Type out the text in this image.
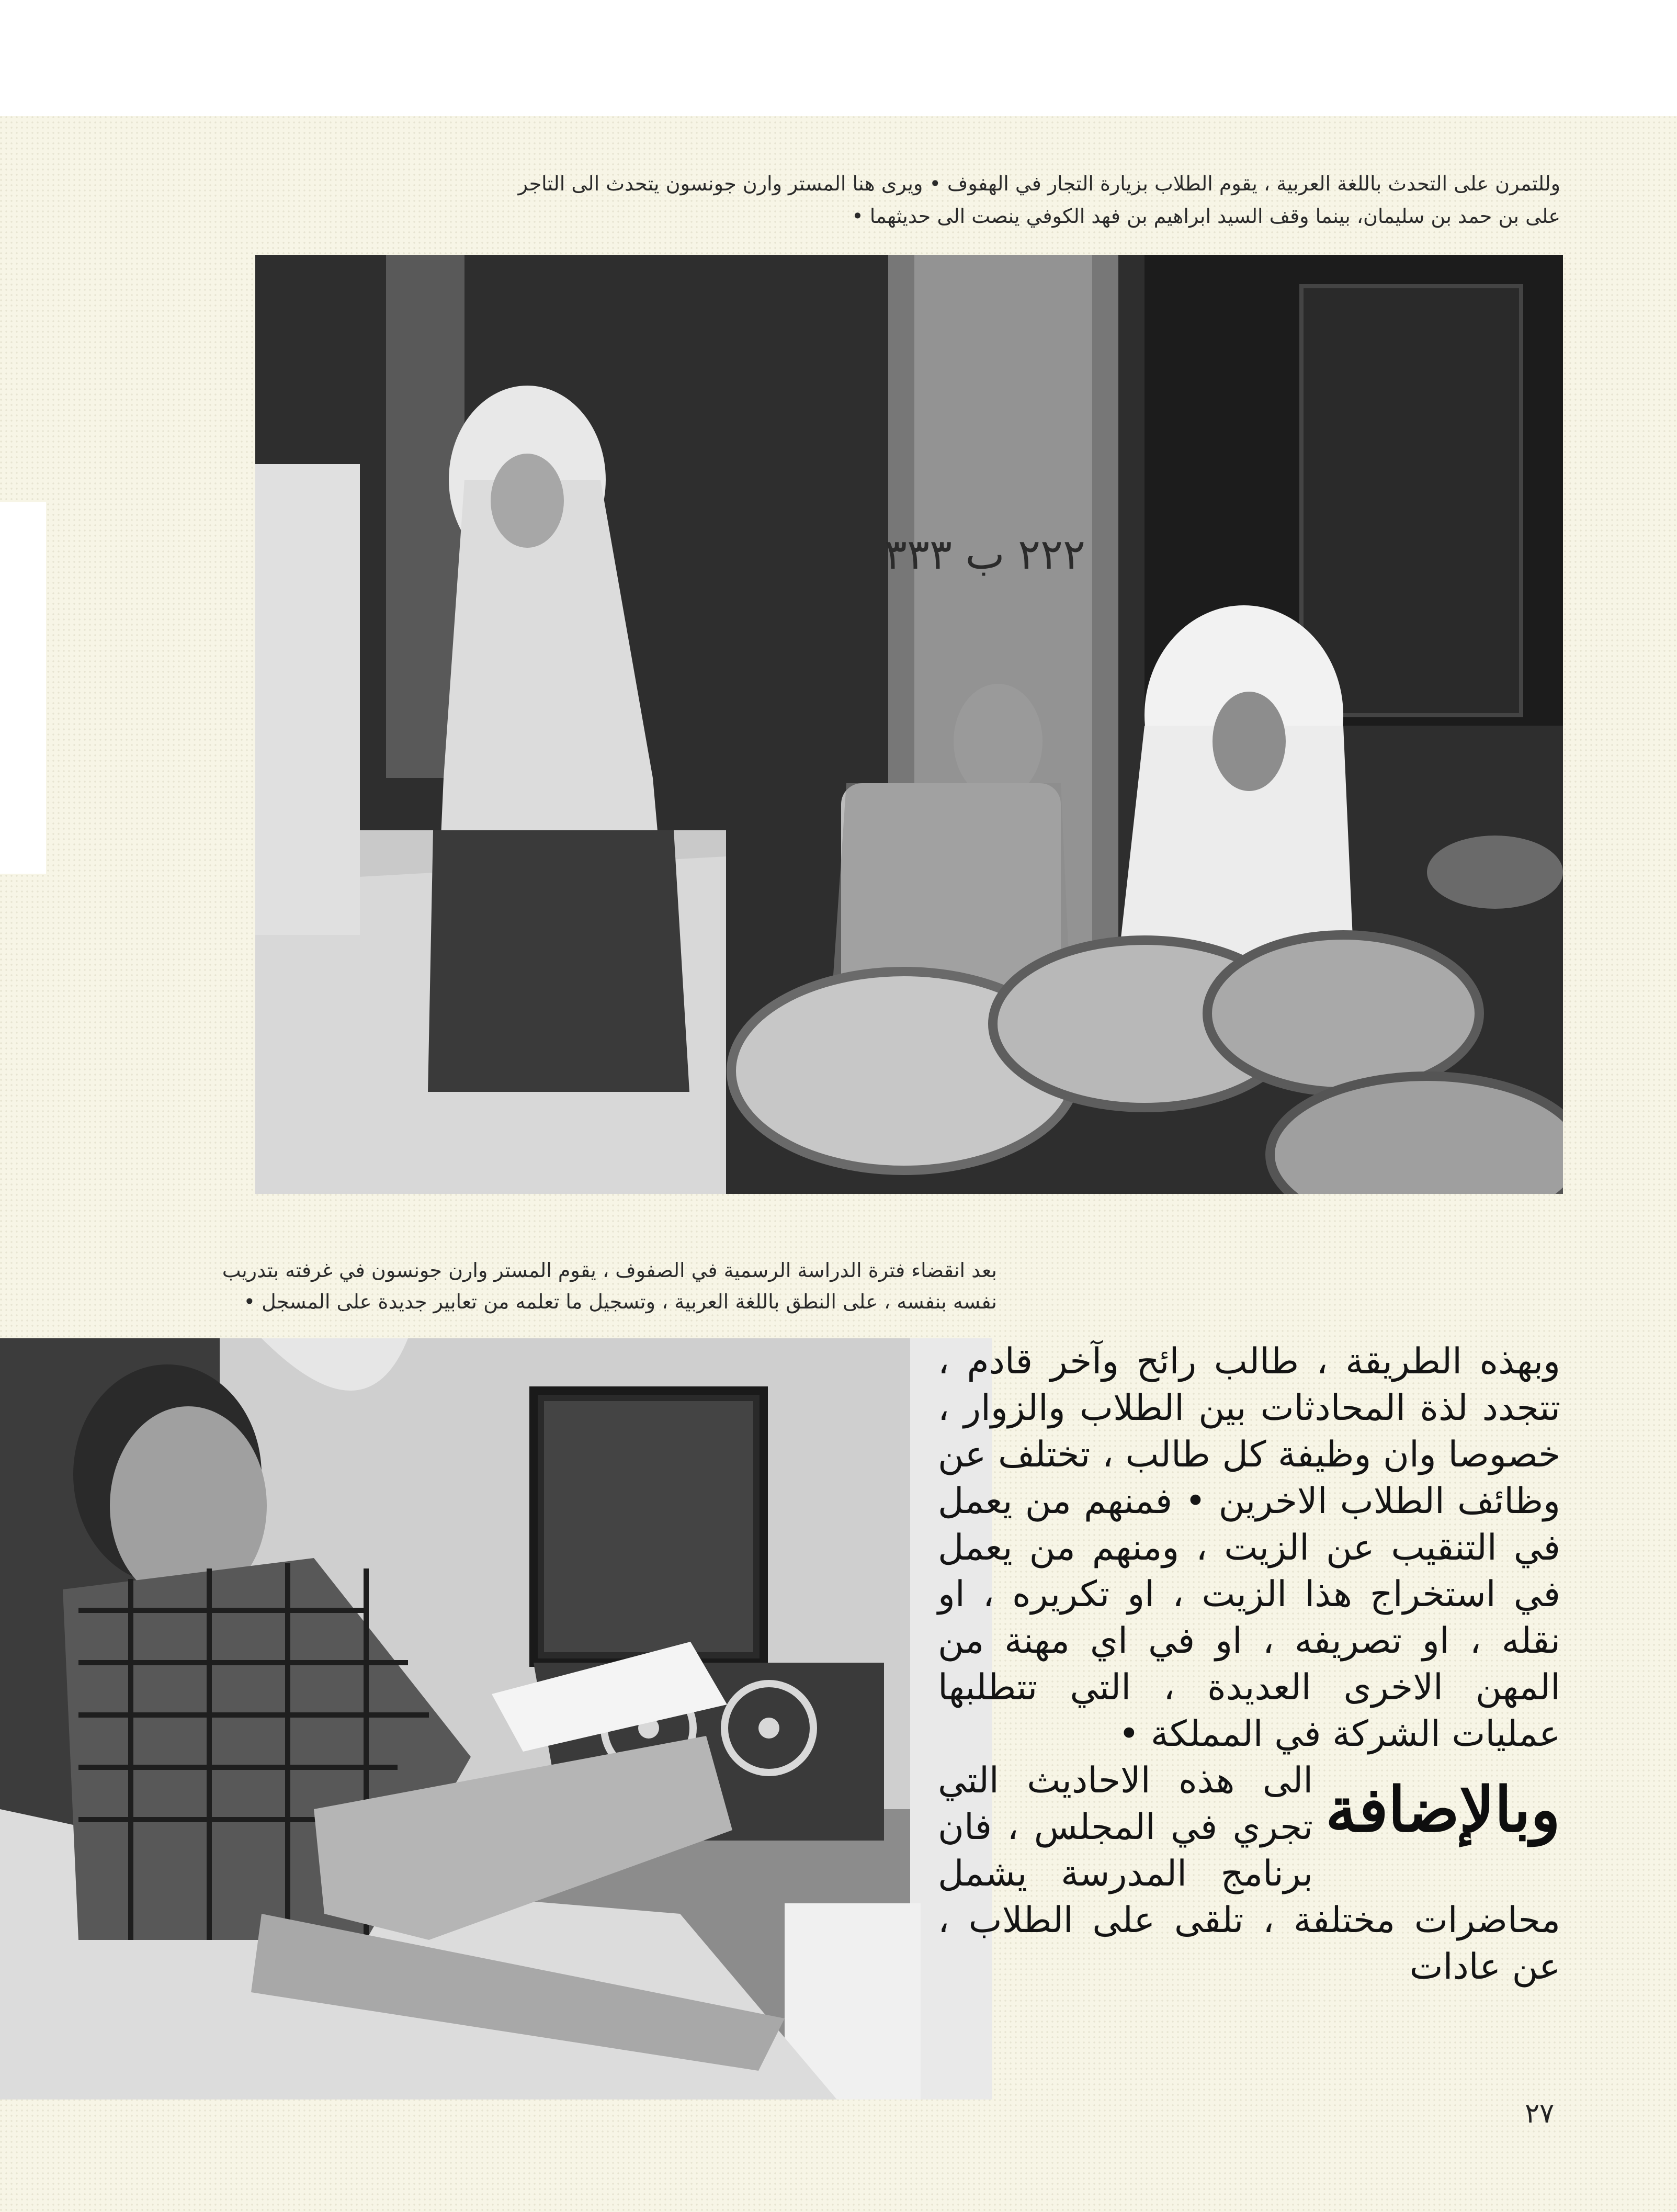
وللتمرن على التحدث باللغة العربية ، يقوم الطلاب بزيارة التجار في الهفوف • ويرى هنا المستر وارن جونسون يتحدث الى التاجر

على بن حمد بن سليمان، بينما وقف السيد ابراهيم بن فهد الكوفي ينصت الى حديثهما •

٢٢٢ ب ٣٣٣

بعد انقضاء فترة الدراسة الرسمية في الصفوف ، يقوم المستر وارن جونسون في غرفته بتدريب

نفسه بنفسه ، على النطق باللغة العربية ، وتسجيل ما تعلمه من تعابير جديدة على المسجل •

وبهذه الطريقة ، طالب رائح وآخر قادم ، تتجدد لذة المحادثات بين الطلاب والزوار ، خصوصا وان وظيفة كل طالب ، تختلف عن وظائف الطلاب الاخرين • فمنهم من يعمل في التنقيب عن الزيت ، ومنهم من يعمل في استخراج هذا الزيت ، او تكريره ، او نقله ، او تصريفه ، او في اي مهنة من المهن الاخرى العديدة ، التي تتطلبها عمليات الشركة في المملكة •

وبالإضافة
الى هذه الاحاديث التي تجري في المجلس ، فان برنامج المدرسة يشمل محاضرات مختلفة ، تلقى على الطلاب ، عن عادات

٢٧
